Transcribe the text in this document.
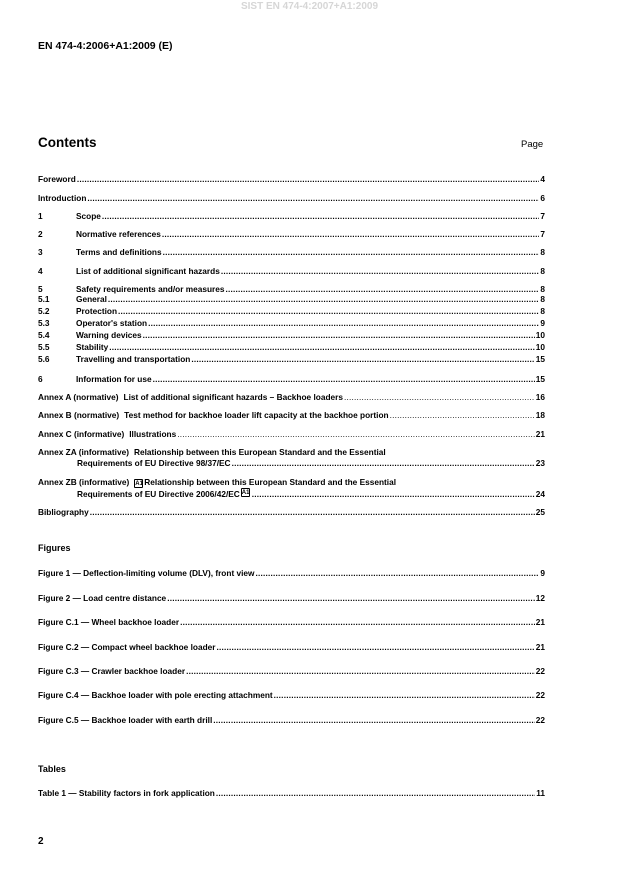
SIST EN 474-4:2007+A1:2009
EN 474-4:2006+A1:2009 (E)
Contents	Page
Foreword .....	4
Introduction .....	6
1	Scope .....	7
2	Normative references .....	7
3	Terms and definitions .....	8
4	List of additional significant hazards .....	8
5	Safety requirements and/or measures .....	8
5.1	General .....	8
5.2	Protection .....	8
5.3	Operator's station .....	9
5.4	Warning devices .....	10
5.5	Stability .....	10
5.6	Travelling and transportation .....	15
6	Information for use .....	15
Annex A (normative) List of additional significant hazards – Backhoe loaders .....	16
Annex B (normative) Test method for backhoe loader lift capacity at the backhoe portion .....	18
Annex C (informative) Illustrations .....	21
Annex ZA (informative) Relationship between this European Standard and the Essential
Requirements of EU Directive 98/37/EC .....	23
Annex ZB (informative) A1 Relationship between this European Standard and the Essential
Requirements of EU Directive 2006/42/EC A1 .....	24
Bibliography .....	25
Figures
Figure 1 — Deflection-limiting volume (DLV), front view .....	9
Figure 2 — Load centre distance .....	12
Figure C.1 — Wheel backhoe loader .....	21
Figure C.2 — Compact wheel backhoe loader .....	21
Figure C.3 — Crawler backhoe loader .....	22
Figure C.4 — Backhoe loader with pole erecting attachment .....	22
Figure C.5 — Backhoe loader with earth drill .....	22
Tables
Table 1 — Stability factors in fork application .....	11
2
